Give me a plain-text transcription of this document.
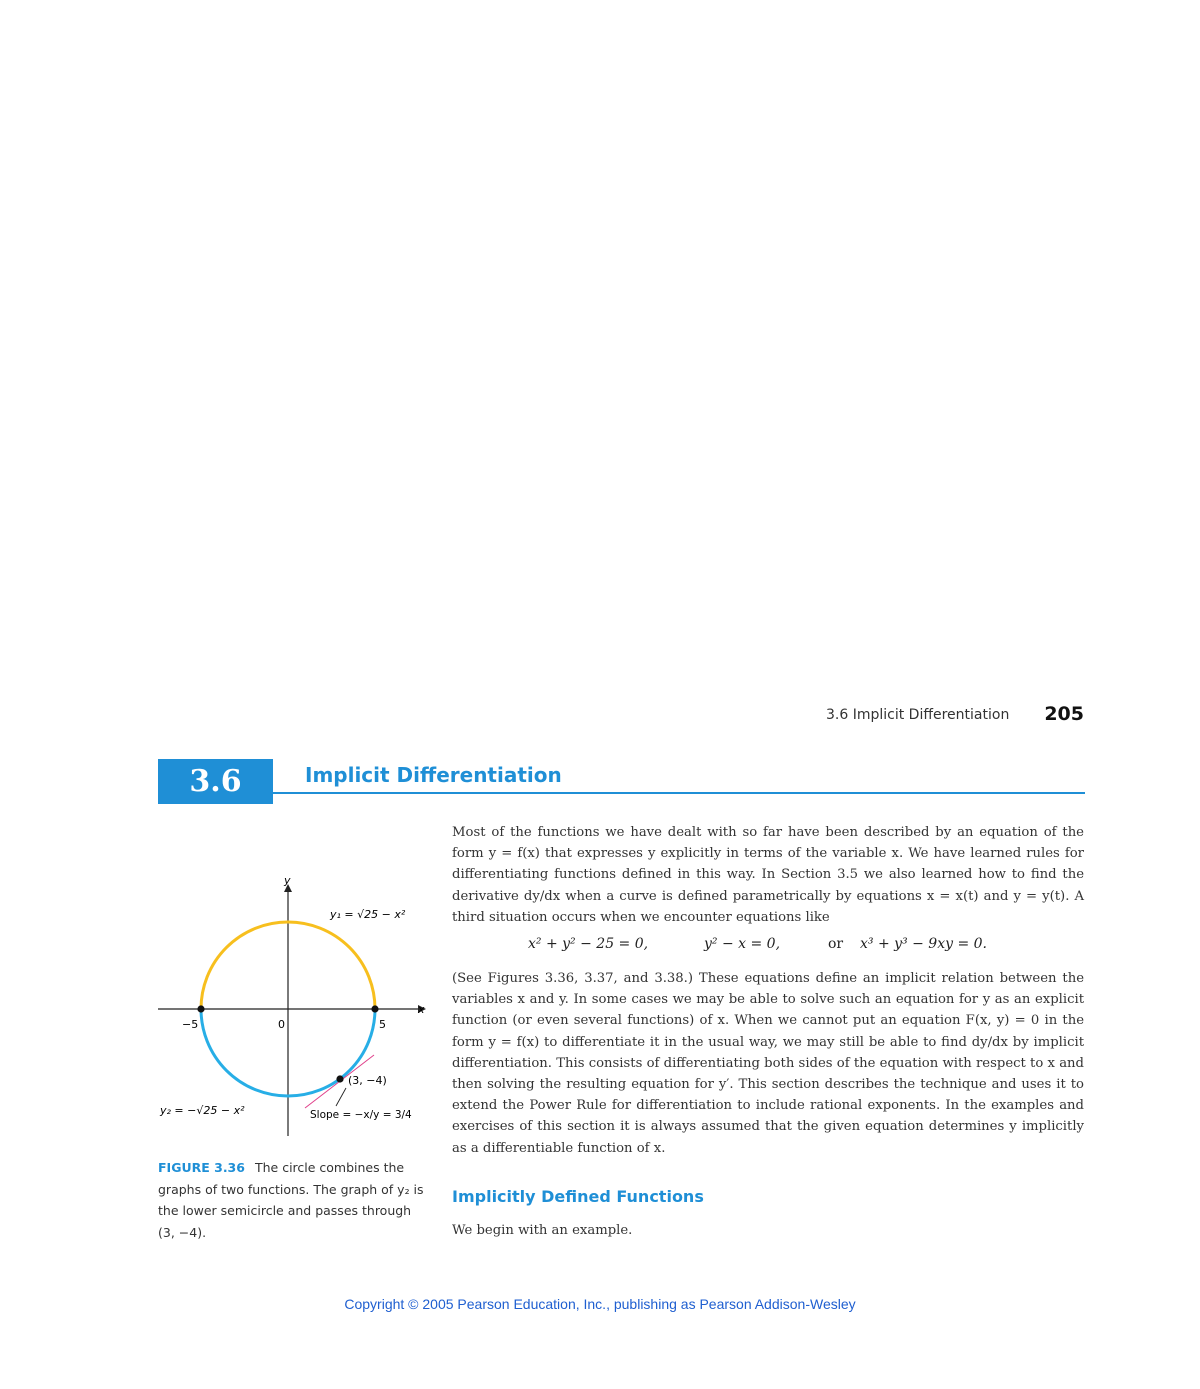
3.6 Implicit Differentiation 205
3.6	Implicit Differentiation
x
y
−5	0	5
y₁ = √25 − x²
y₂ = −√25 − x²
(3, −4)
Slope = −x/y = 3/4
FIGURE 3.36 The circle combines the graphs of two functions. The graph of y₂ is the lower semicircle and passes through (3, −4).
Most of the functions we have dealt with so far have been described by an equation of the form y = f(x) that expresses y explicitly in terms of the variable x. We have learned rules for differentiating functions defined in this way. In Section 3.5 we also learned how to find the derivative dy/dx when a curve is defined parametrically by equations x = x(t) and y = y(t). A third situation occurs when we encounter equations like
x² + y² − 25 = 0,	y² − x = 0,	or x³ + y³ − 9xy = 0.
(See Figures 3.36, 3.37, and 3.38.) These equations define an implicit relation between the variables x and y. In some cases we may be able to solve such an equation for y as an explicit function (or even several functions) of x. When we cannot put an equation F(x, y) = 0 in the form y = f(x) to differentiate it in the usual way, we may still be able to find dy/dx by implicit differentiation. This consists of differentiating both sides of the equation with respect to x and then solving the resulting equation for y′. This section describes the technique and uses it to extend the Power Rule for differentiation to include rational exponents. In the examples and exercises of this section it is always assumed that the given equation determines y implicitly as a differentiable function of x.
Implicitly Defined Functions
We begin with an example.
Copyright © 2005 Pearson Education, Inc., publishing as Pearson Addison-Wesley
